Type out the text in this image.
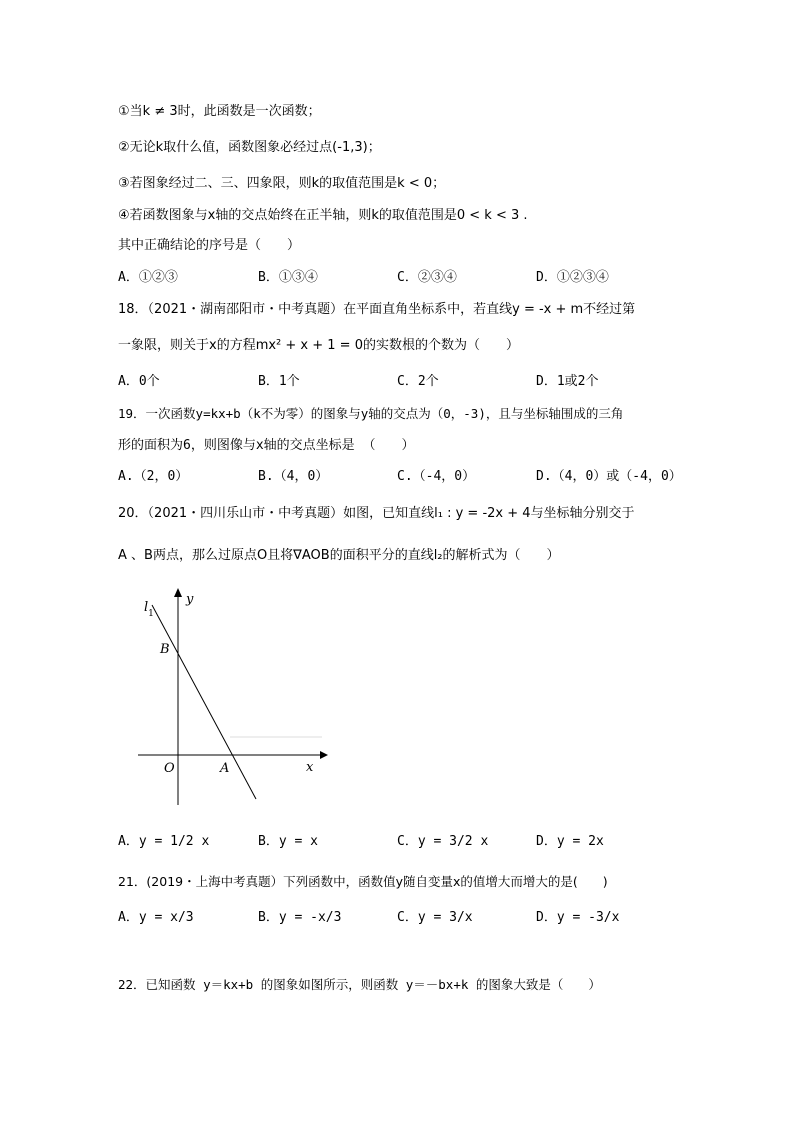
①当k ≠ 3时，此函数是一次函数；
②无论k取什么值，函数图象必经过点(-1,3)；
③若图象经过二、三、四象限，则k的取值范围是k < 0；
④若函数图象与x轴的交点始终在正半轴，则k的取值范围是0 < k < 3 .
其中正确结论的序号是（　　）
A．①②③	B．①③④	C．②③④	D．①②③④
18．（2021・湖南邵阳市・中考真题）在平面直角坐标系中，若直线y = -x + m不经过第
一象限，则关于x的方程mx² + x + 1 = 0的实数根的个数为（　　）
A．0个	B．1个	C．2个	D．1或2个
19．一次函数y=kx+b（k不为零）的图象与y轴的交点为（0，-3)，且与坐标轴围成的三角
形的面积为6，则图像与x轴的交点坐标是 （　　）
A.（2，0）	B.（4，0）	C.（-4，0）	D.（4，0）或（-4，0）
20．（2021・四川乐山市・中考真题）如图，已知直线l₁ : y = -2x + 4与坐标轴分别交于
A 、B两点，那么过原点O且将∇AOB的面积平分的直线l₂的解析式为（　　）
$l_1$
y
B
O	A	x
A．y = 1/2 x	B．y = x	C．y = 3/2 x	D．y = 2x
21．(2019・上海中考真题）下列函数中，函数值y随自变量x的值增大而增大的是(　　)
A．y = x/3	B．y = -x/3	C．y = 3/x	D．y = -3/x
22．已知函数 y＝kx+b 的图象如图所示，则函数 y＝－bx+k 的图象大致是（　　）
